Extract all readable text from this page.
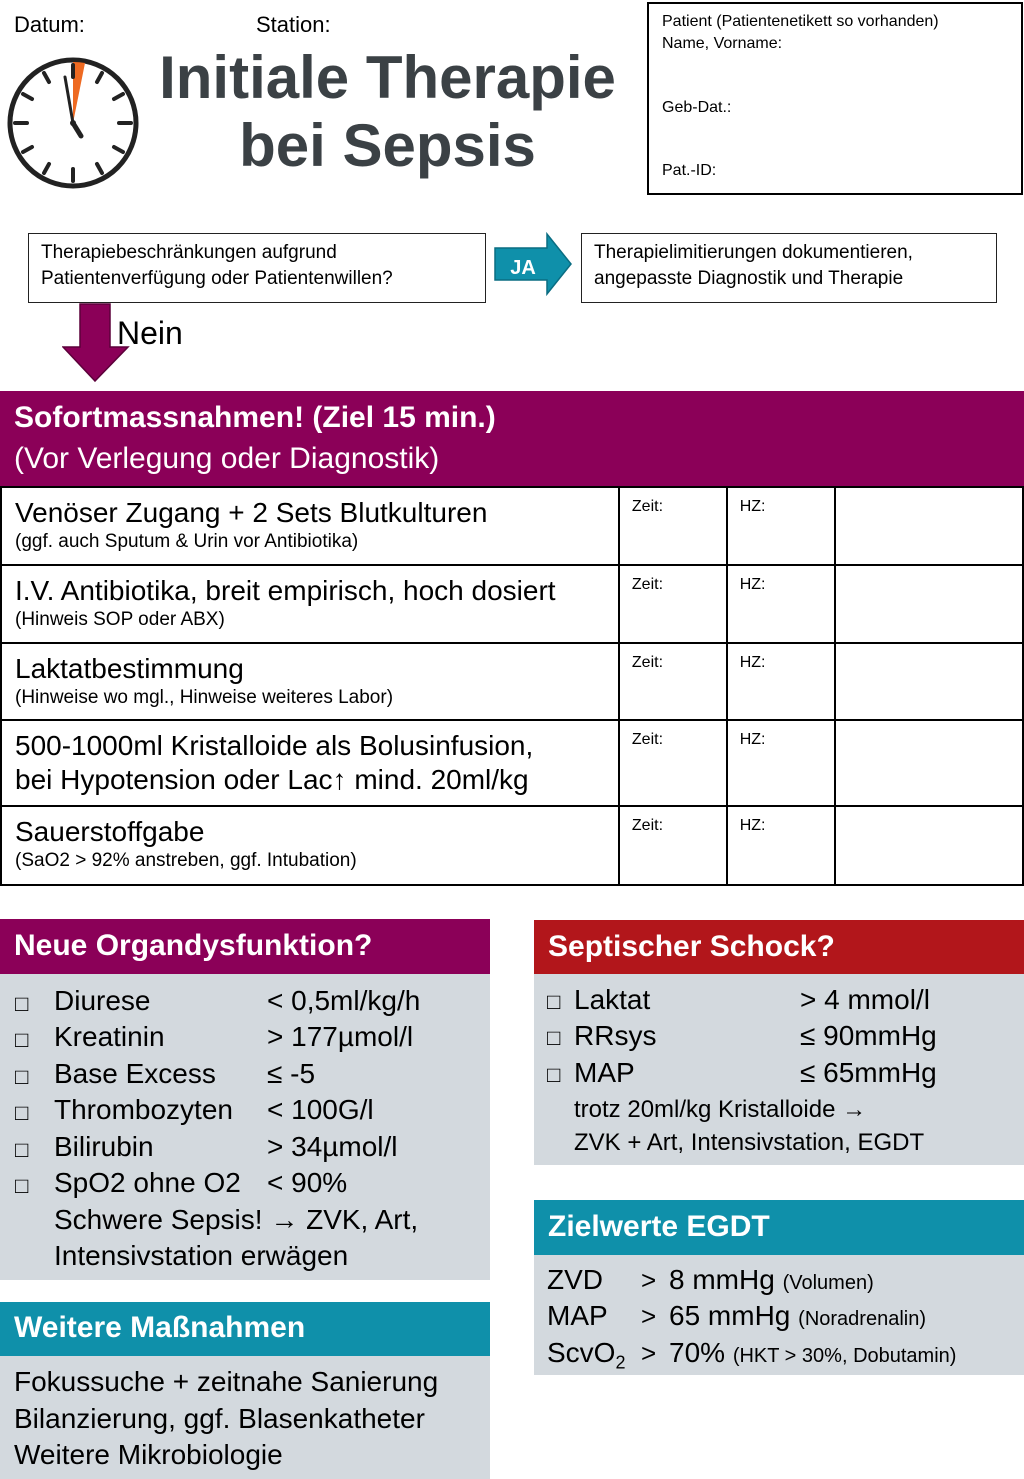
Datum:	Station:
Initiale Therapie
bei Sepsis
Patient (Patientenetikett so vorhanden)
Name, Vorname:
Geb-Dat.:
Pat.-ID:
Therapiebeschränkungen aufgrund
Patientenverfügung oder Patientenwillen?	JA
Therapielimitierungen dokumentieren,
angepasste Diagnostik und Therapie
Nein
Sofortmassnahmen! (Ziel 15 min.)
(Vor Verlegung oder Diagnostik)
Venöser Zugang + 2 Sets Blutkulturen
(ggf. auch Sputum & Urin vor Antibiotika)	Zeit:	HZ:	

I.V. Antibiotika, breit empirisch, hoch dosiert
(Hinweis SOP oder ABX)	Zeit:	HZ:	

Laktatbestimmung
(Hinweise wo mgl., Hinweise weiteres Labor)	Zeit:	HZ:	

500-1000ml Kristalloide als Bolusinfusion,
bei Hypotension oder Lac↑ mind. 20ml/kg	Zeit:	HZ:	

Sauerstoffgabe
(SaO2 > 92% anstreben, ggf. Intubation)	Zeit:	HZ:	
Neue Organdysfunktion?
□ Diurese	< 0,5ml/kg/h
□ Kreatinin	> 177µmol/l
□ Base Excess ≤ -5
□ Thrombozyten < 100G/l
□ Bilirubin	> 34µmol/l
□ SpO2 ohne O2 < 90%
Schwere Sepsis! → ZVK, Art,
Intensivstation erwägen
Weitere Maßnahmen
Fokussuche + zeitnahe Sanierung
Bilanzierung, ggf. Blasenkatheter
Weitere Mikrobiologie
Septischer Schock?
□ Laktat	> 4 mmol/l
□ RRsys	≤ 90mmHg
□ MAP	≤ 65mmHg
trotz 20ml/kg Kristalloide →
ZVK + Art, Intensivstation, EGDT
Zielwerte EGDT
ZVD > 8 mmHg (Volumen)
MAP > 65 mmHg (Noradrenalin)
ScvO$_2$ > 70% (HKT > 30%, Dobutamin)
